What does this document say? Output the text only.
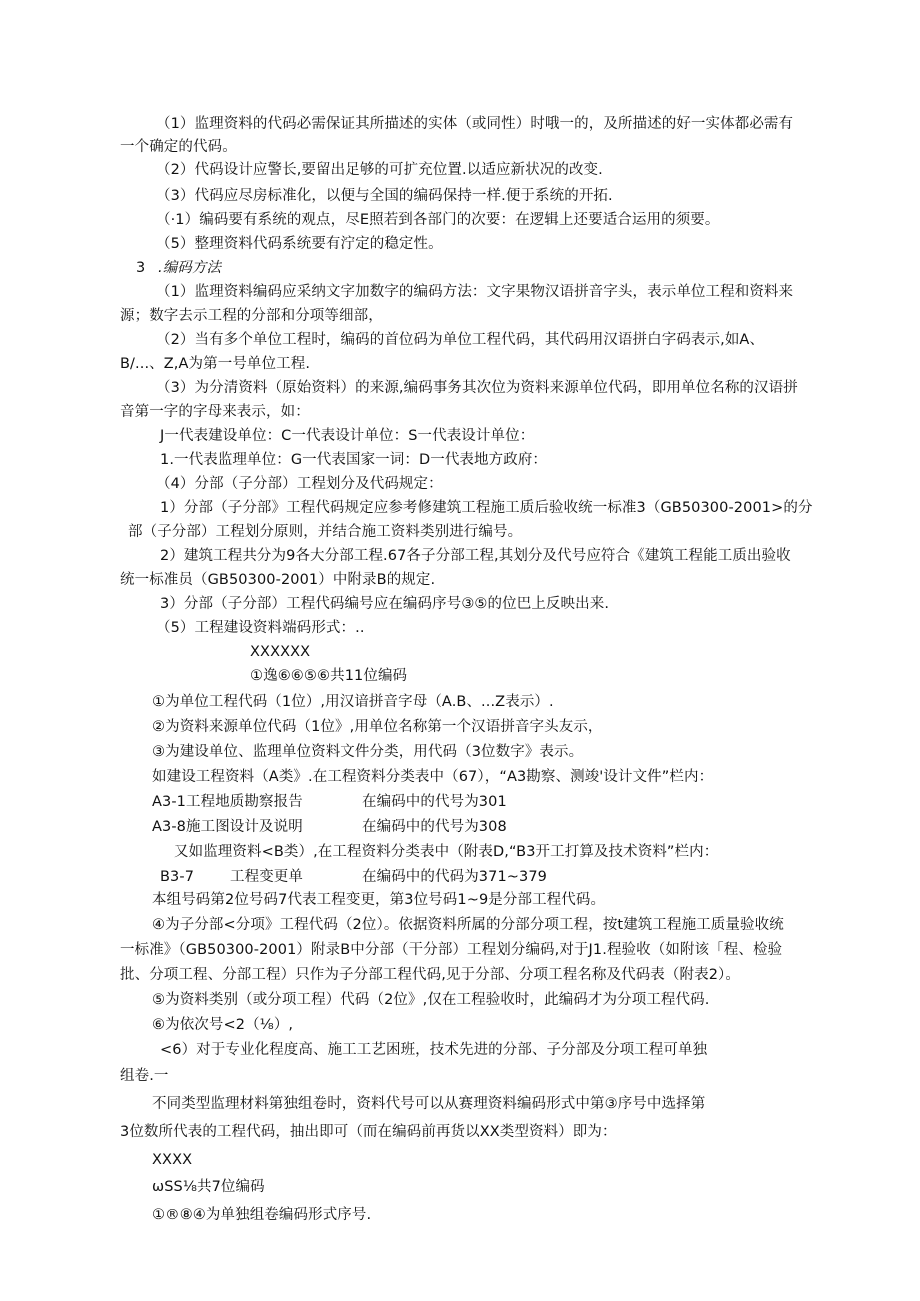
（1）监理资料的代码必需保证其所描述的实体（或同性）时哦一的，及所描述的好一实体都必需有
一个确定的代码。
（2）代码设计应警长,要留出足够的可扩充位置.以适应新状况的改变.
（3）代码应尽房标准化，以便与全国的编码保持一样.便于系统的开拓.
（·1）编码要有系统的观点，尽E照若到各部门的次要：在逻辑上还要适合运用的须要。
（5）整理资料代码系统要有泞定的稳定性。
3 .编码方法
（1）监理资料编码应采纳文字加数字的编码方法：文字果物汉语拼音字头，表示单位工程和资料来
源；数字去示工程的分部和分项等细部，
（2）当有多个单位工程时，编码的首位码为单位工程代码，其代码用汉语拼白字码表示,如A、
B/...、Z,A为第一号单位工程.
（3）为分清资料（原始资料）的来源,编码事务其次位为资料来源单位代码，即用单位名称的汉语拼
音第一字的字母来表示，如：
J一代表建设单位：C一代表设计单位：S一代表设计单位：
1.一代表监理单位：G一代表国家一词：D一代表地方政府：
（4）分部（子分部）工程划分及代码规定：
1）分部（子分部》工程代码规定应参考修建筑工程施工质后验收统一标准3（GB50300-2001>的分
部（子分部）工程划分原则，并结合施工资料类别进行编号。
2）建筑工程共分为9各大分部工程.67各子分部工程,其划分及代号应符合《建筑工程能工质出验收
统一标准员（GB50300-2001）中附录B的规定.
3）分部（子分部）工程代码编号应在编码序号③⑤的位巴上反映出来.
（5）工程建设资料端码形式：..
XXXXXX
①逸⑥⑥⑤⑥共11位编码
①为单位工程代码（1位）,用汉谙拼音字母（A.B、...Z表示）.
②为资料来源单位代码（1位》,用单位名称第一个汉语拼音字头友示，
③为建设单位、监理单位资料文件分类，用代码（3位数字》表示。
如建设工程资料（A类》.在工程资料分类表中（67），“A3勘察、测竣'设计文件”栏内：
A3-1工程地质勘察报告	在编码中的代号为301
A3-8施工图设计及说明	在编码中的代号为308
又如监理资料<B类）,在工程资料分类表中（附表D,“B3开工打算及技术资料”栏内：
B3-7 工程变更单	在编码中的代码为371~379
本组号码第2位号码7代表工程变更，第3位号码1~9是分部工程代码。
④为子分部<分项》工程代码（2位）。依据资料所属的分部分项工程，按t建筑工程施工质量验收统
一标准》（GB50300-2001）附录B中分部（干分部）工程划分编码,对于J1.程验收（如附该「程、检验
批、分项工程、分部工程）只作为子分部工程代码,见于分部、分项工程名称及代码表（附表2）。
⑤为资料类别（或分项工程）代码（2位》,仅在工程验收时，此编码才为分项工程代码.
⑥为依次号<2（⅛）,
<6）对于专业化程度高、施工工艺困班，技术先进的分部、子分部及分项工程可单独
组卷.一
不同类型监理材料第独组卷时，资料代号可以从赛理资料编码形式中第③序号中选择第
3位数所代表的工程代码，抽出即可（而在编码前再货以XX类型资料）即为：
XXXX
ωSS⅛共7位编码
①®⑧④为单独组卷编码形式序号.
